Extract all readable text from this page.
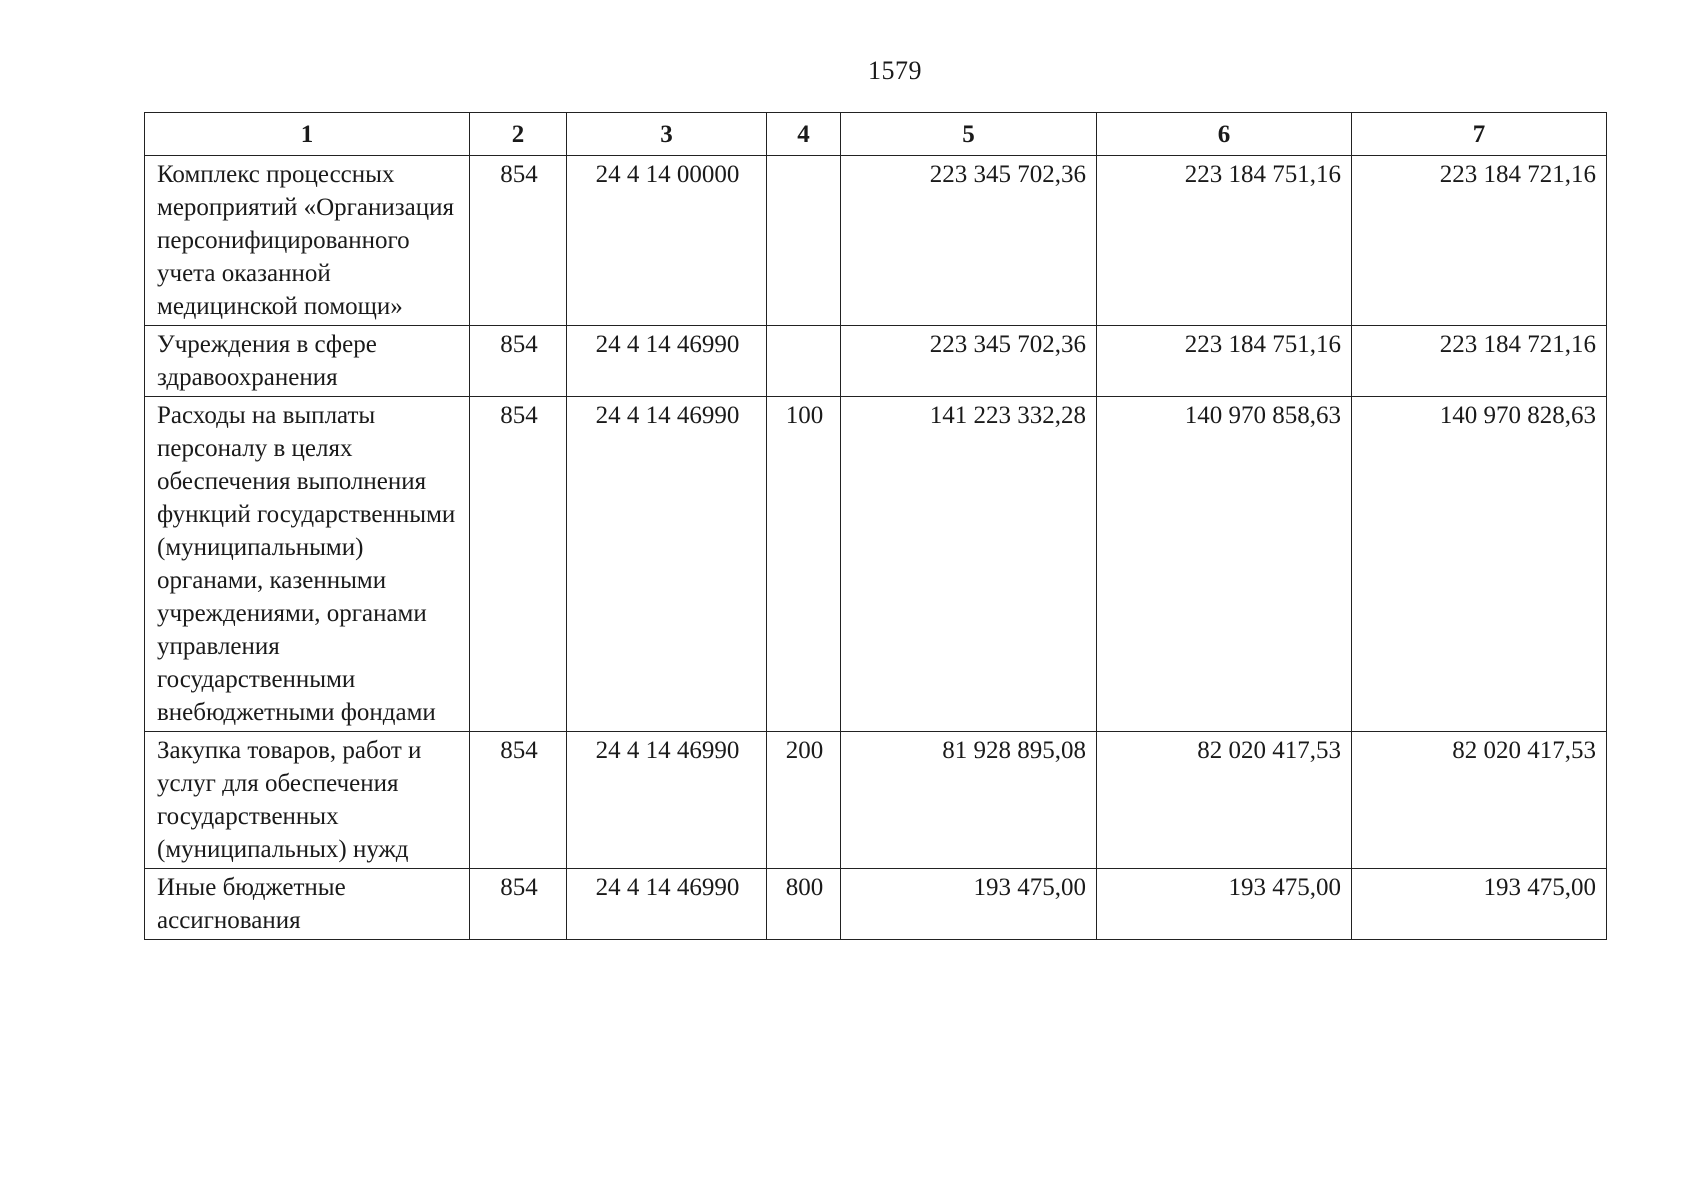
1579
1	2	3	4	5	6	7
Комплекс процессных мероприятий «Организация персонифицированного учета оказанной медицинской помощи»	854	24 4 14 00000		223 345 702,36	223 184 751,16	223 184 721,16
Учреждения в сфере здравоохранения	854	24 4 14 46990		223 345 702,36	223 184 751,16	223 184 721,16
Расходы на выплаты персоналу в целях обеспечения выполнения функций государственными (муниципальными) органами, казенными учреждениями, органами управления государственными внебюджетными фондами	854	24 4 14 46990	100	141 223 332,28	140 970 858,63	140 970 828,63
Закупка товаров, работ и услуг для обеспечения государственных (муниципальных) нужд	854	24 4 14 46990	200	81 928 895,08	82 020 417,53	82 020 417,53
Иные бюджетные ассигнования	854	24 4 14 46990	800	193 475,00	193 475,00	193 475,00
